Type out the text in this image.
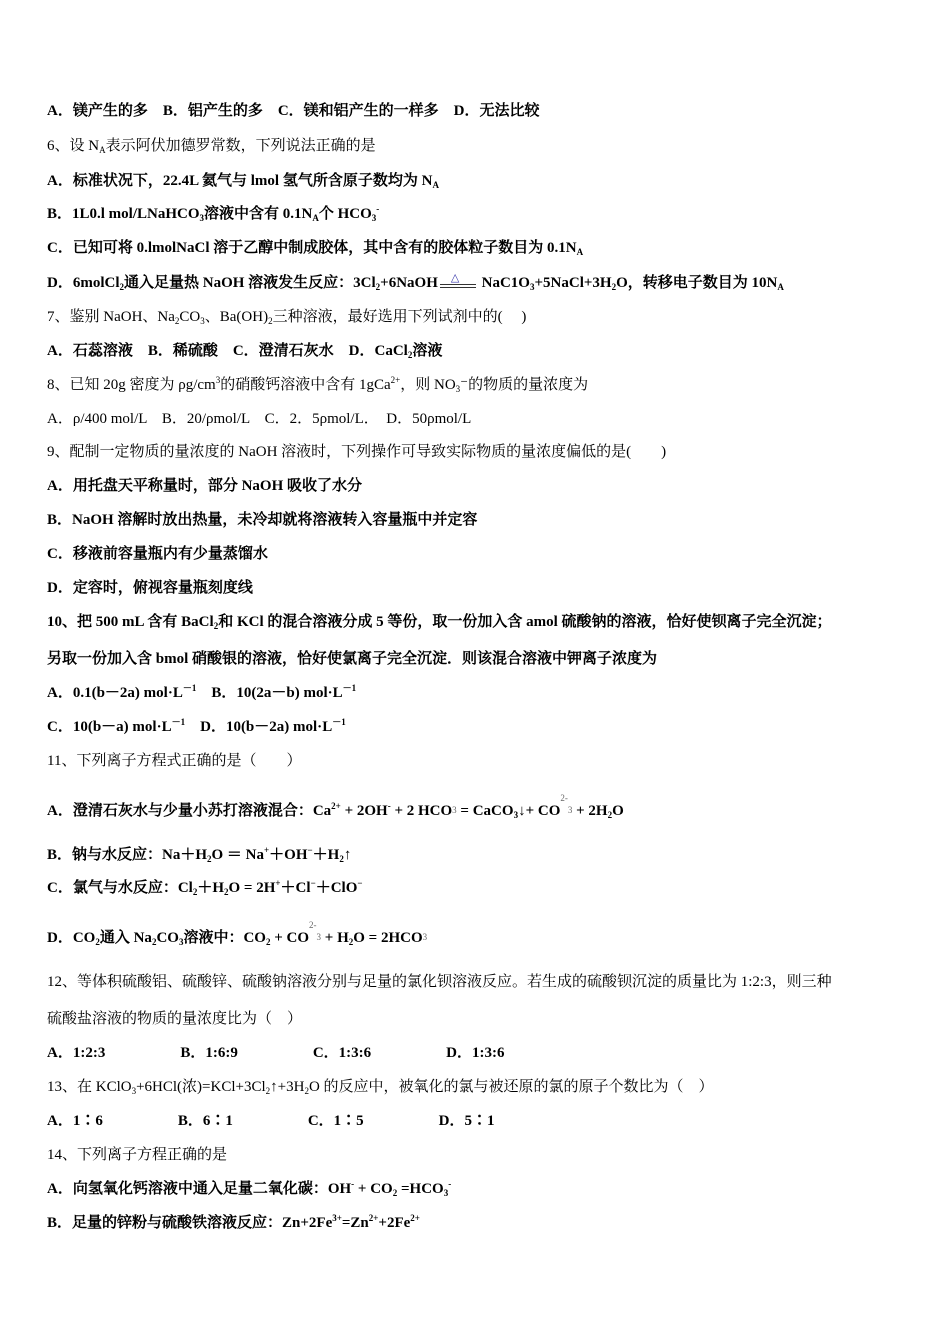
A．镁产生的多　B．铝产生的多　C．镁和铝产生的一样多　D．无法比较
6、设 $N_A$表示阿伏加德罗常数，下列说法正确的是
A．标准状况下，22.4L 氦气与 lmol 氢气所含原子数均为 $N_A$
B．1L0.l mol/LNaHCO$_3$溶液中含有 $0.1N_A$个 $HCO_3^-$
C．已知可将 0.lmolNaCl 溶于乙醇中制成胶体，其中含有的胶体粒子数目为 $0.1N_A$
D．6molCl$_2$通入足量热 NaOH 溶液发生反应：$3Cl_2+6NaOH$ △	$NaC1O_3+5NaCl+3H_2O$，转移电子数目为 $10N_A$
7、鉴别 NaOH、$Na_2CO_3$、$Ba(OH)_2$三种溶液，最好选用下列试剂中的(　 )
A．石蕊溶液　B．稀硫酸　C．澄清石灰水　D．CaCl$_2$溶液
8、已知 20g 密度为 $\rho g/cm^3$的硝酸钙溶液中含有 1gCa$^{2+}$，则 $NO_3^-$的物质的量浓度为
A．ρ/400 mol/L　B．20/ρmol/L　C．2．5ρmol/L．　D．50ρmol/L
9、配制一定物质的量浓度的 NaOH 溶液时，下列操作可导致实际物质的量浓度偏低的是(　　)
A．用托盘天平称量时，部分 NaOH 吸收了水分
B．NaOH 溶解时放出热量，未冷却就将溶液转入容量瓶中并定容
C．移液前容量瓶内有少量蒸馏水
D．定容时，俯视容量瓶刻度线
10、把 500 mL 含有 BaCl$_2$和 KCl 的混合溶液分成 5 等份，取一份加入含 amol 硫酸钠的溶液，恰好使钡离子完全沉淀；
另取一份加入含 bmol 硝酸银的溶液，恰好使氯离子完全沉淀．则该混合溶液中钾离子浓度为
A．0.1(b－2a) $mol\cdot L^{-1}$　B．10(2a－b) $mol\cdot L^{-1}$
C．10(b－a) $mol\cdot L^{-1}$　D．10(b－2a) $mol\cdot L^{-1}$
11、下列离子方程式正确的是（　　）
A．澄清石灰水与少量小苏打溶液混合：$Ca^{2+} + 2OH^- + 2$ HCO3 = CaCO$_3$↓+ $CO^{2-}3 + 2H_2O$
B．钠与水反应：$Na+H_2O$ ＝ $Na^++OH^-+H_2↑$
C．氯气与水反应：$Cl_2+H_2O = 2H^++Cl^-+ClO^-$
D．$CO_2$通入 $Na_2CO_3$溶液中：$CO_2 + CO^{2-}3 + H_2O = 2HCO3$
12、等体积硫酸铝、硫酸锌、硫酸钠溶液分别与足量的氯化钡溶液反应。若生成的硫酸钡沉淀的质量比为 1:2:3，则三种
硫酸盐溶液的物质的量浓度比为（　）
A．1:2:3　　　　　B．1:6:9　　　　　C．1:3:6　　　　　D．1:3:6
13、在 KClO$_3$+6HCl(浓)$=KCl+3Cl_2↑+3H_2O$ 的反应中，被氧化的氯与被还原的氯的原子个数比为（　）
A．1∶6　　　　　B．6∶1　　　　　C．1∶5　　　　　D．5∶1
14、下列离子方程正确的是
A．向氢氧化钙溶液中通入足量二氧化碳：$OH^- + CO_2 =HCO_3^-$
B．足量的锌粉与硫酸铁溶液反应：$Zn+2Fe^{3+}=Zn^{2+}+2Fe^{2+}$
